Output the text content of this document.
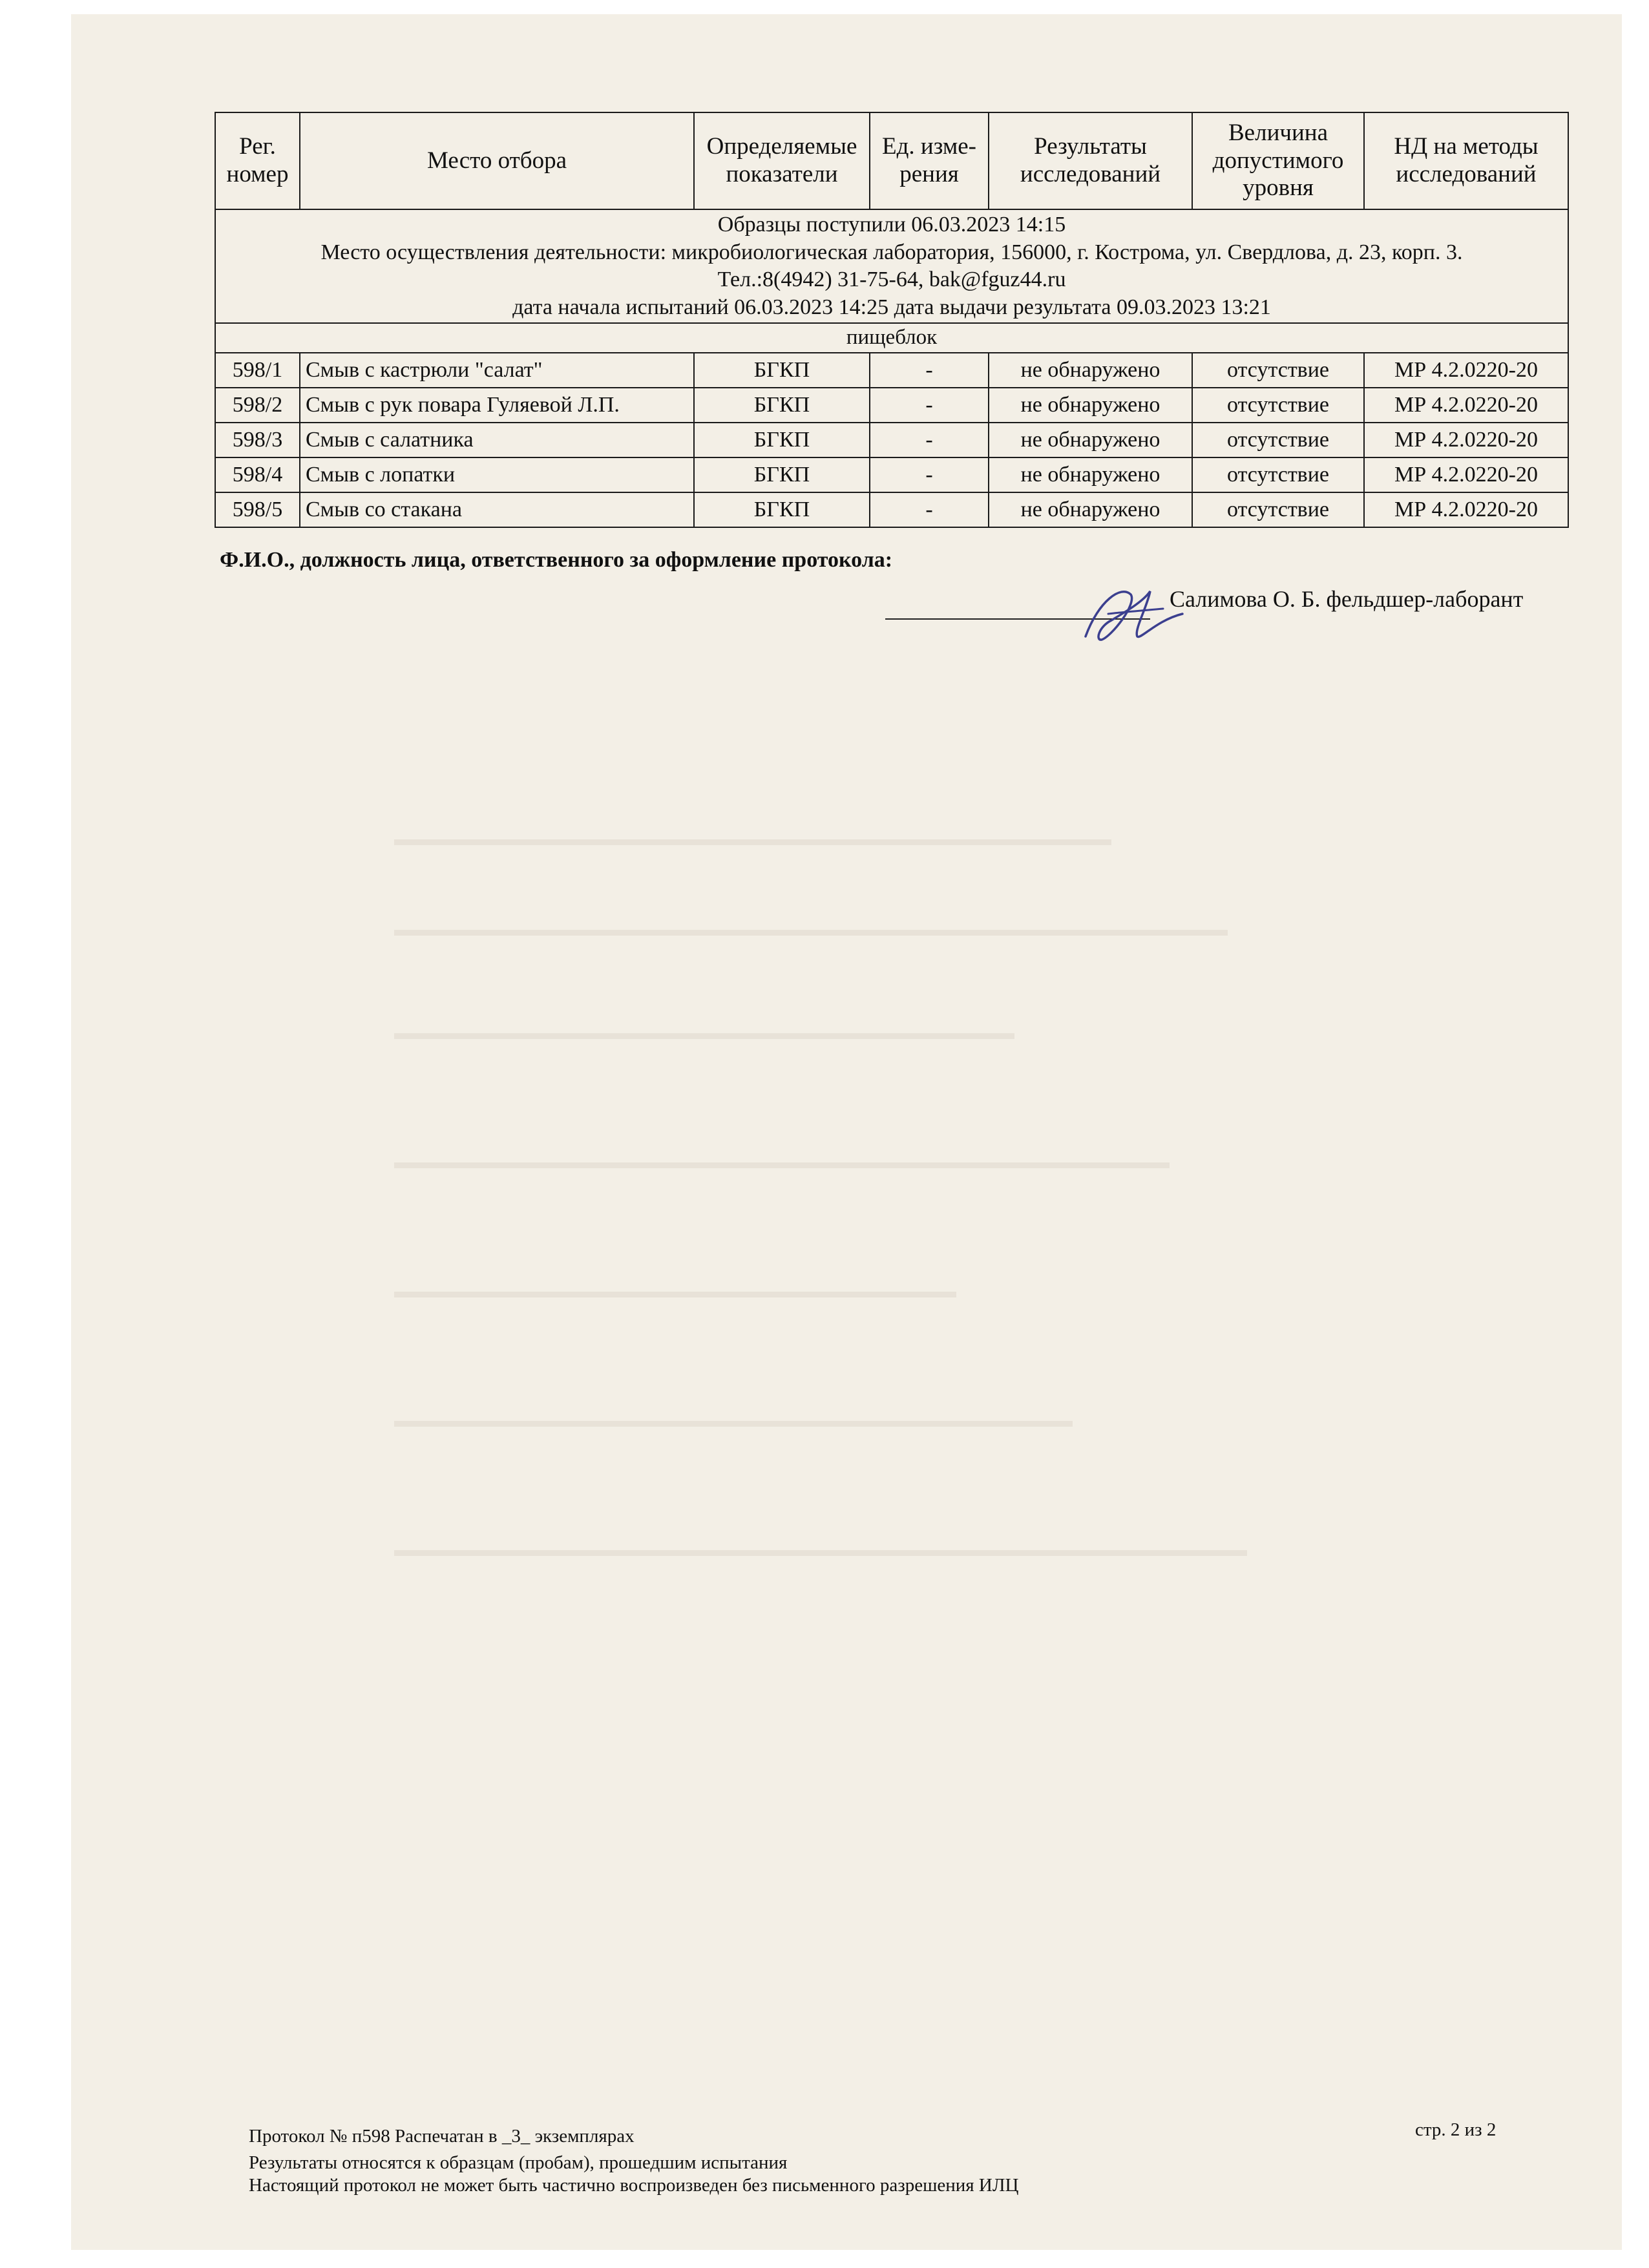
▬▬▬▬▬▬▬▬▬▬▬▬▬▬▬▬▬▬▬▬▬▬▬▬▬▬▬▬▬▬▬▬▬▬▬▬▬
▬▬▬▬▬▬▬▬▬▬▬▬▬▬▬▬▬▬▬▬▬▬▬▬▬▬▬▬▬▬▬▬▬▬▬▬▬▬▬▬▬▬▬
▬▬▬▬▬▬▬▬▬▬▬▬▬▬▬▬▬▬▬▬▬▬▬▬▬▬▬▬▬▬▬▬
▬▬▬▬▬▬▬▬▬▬▬▬▬▬▬▬▬▬▬▬▬▬▬▬▬▬▬▬▬▬▬▬▬▬▬▬▬▬▬▬
▬▬▬▬▬▬▬▬▬▬▬▬▬▬▬▬▬▬▬▬▬▬▬▬▬▬▬▬▬
▬▬▬▬▬▬▬▬▬▬▬▬▬▬▬▬▬▬▬▬▬▬▬▬▬▬▬▬▬▬▬▬▬▬▬
▬▬▬▬▬▬▬▬▬▬▬▬▬▬▬▬▬▬▬▬▬▬▬▬▬▬▬▬▬▬▬▬▬▬▬▬▬▬▬▬▬▬▬▬
Рег. номер	Место отбора	Определяемые показатели	Ед. изме- рения	Результаты исследований	Величина допустимого уровня	НД на методы исследований

Образцы поступили 06.03.2023 14:15
Место осуществления деятельности: микробиологическая лаборатория, 156000, г. Кострома, ул. Свердлова, д. 23, корп. 3.
Тел.:8(4942) 31-75-64, bak@fguz44.ru
дата начала испытаний 06.03.2023 14:25 дата выдачи результата 09.03.2023 13:21						

пищеблок						
598/1	Смыв с кастрюли "салат"	БГКП	-	не обнаружено	отсутствие	МР 4.2.0220-20
598/2	Смыв с рук повара Гуляевой Л.П.	БГКП	-	не обнаружено	отсутствие	МР 4.2.0220-20
598/3	Смыв с салатника	БГКП	-	не обнаружено	отсутствие	МР 4.2.0220-20
598/4	Смыв с лопатки	БГКП	-	не обнаружено	отсутствие	МР 4.2.0220-20
598/5	Смыв со стакана	БГКП	-	не обнаружено	отсутствие	МР 4.2.0220-20
Ф.И.О., должность лица, ответственного за оформление протокола:
Салимова О. Б. фельдшер-лаборант
Протокол № п598 Распечатан в _3_ экземплярах
Результаты относятся к образцам (пробам), прошедшим испытания
Настоящий протокол не может быть частично воспроизведен без письменного разрешения ИЛЦ
стр. 2 из 2
